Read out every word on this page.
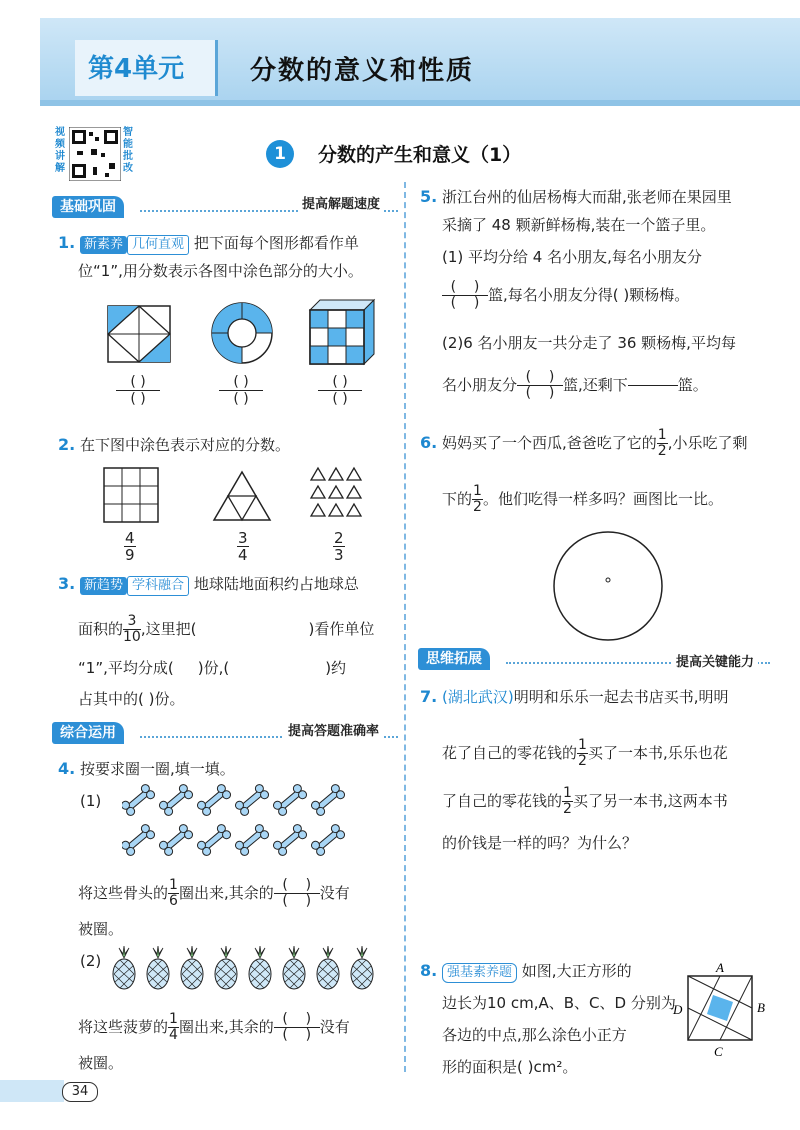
第4单元	分数的意义和性质
视频讲解
智能批改
1	分数的产生和意义（1）
基础巩固	提高解题速度
1. 新素养 几何直观 把下面每个图形都看作单
位“1”,用分数表示各图中涂色部分的大小。
( )
( )
( )
( )
( )
( )
2. 在下图中涂色表示对应的分数。
$\frac{4}{9}$	$\frac{3}{4}$	$\frac{2}{3}$
3. 新趋势 学科融合 地球陆地面积约占地球总
面积的 $\frac{3}{10}$ ,这里把(	)看作单位
“1”,平均分成( )份,(	)约
占其中的( )份。
综合运用	提高答题准确率
4. 按要求圈一圈,填一填。
(1)
将这些骨头的 $\frac{1}{6}$ 圈出来,其余的 $\frac{( )}{( )}$ 没有
被圈。
(2)
将这些菠萝的 $\frac{1}{4}$ 圈出来,其余的 $\frac{( )}{( )}$ 没有
被圈。
5. 浙江台州的仙居杨梅大而甜,张老师在果园里
采摘了 48 颗新鲜杨梅,装在一个篮子里。
(1) 平均分给 4 名小朋友,每名小朋友分
$\frac{( )}{( )}$ 篮,每名小朋友分得( )颗杨梅。
(2)6 名小朋友一共分走了 36 颗杨梅,平均每
名小朋友分 $\frac{( )}{( )}$ 篮,还剩下

	篮。
6. 妈妈买了一个西瓜,爸爸吃了它的 $\frac{1}{2}$ ,小乐吃了剩
下的 $\frac{1}{2}$ 。他们吃得一样多吗？画图比一比。
思维拓展	提高关键能力
7. (湖北武汉)明明和乐乐一起去书店买书,明明
花了自己的零花钱的 $\frac{1}{2}$ 买了一本书,乐乐也花
了自己的零花钱的 $\frac{1}{2}$ 买了另一本书,这两本书
的价钱是一样的吗？为什么？
8. 强基素养题 如图,大正方形的
边长为10 cm,A、B、C、D 分别为
各边的中点,那么涂色小正方
形的面积是( )cm²。
A
B
C
D
34
